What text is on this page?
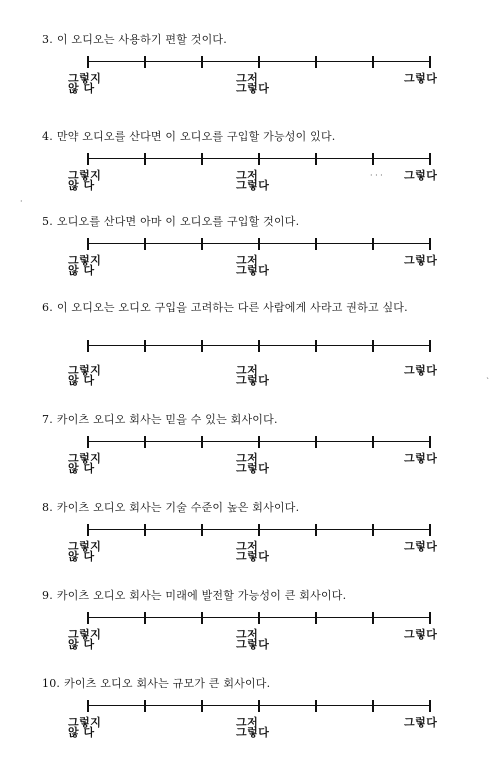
3. 이 오디오는 사용하기 편할 것이다.
그렇지
않 다
그저
그렇다
그렇다
4. 만약 오디오를 산다면 이 오디오를 구입할 가능성이 있다.
그렇지
않 다
그저
그렇다
그렇다
5. 오디오를 산다면 아마 이 오디오를 구입할 것이다.
그렇지
않 다
그저
그렇다
그렇다
6. 이 오디오는 오디오 구입을 고려하는 다른 사람에게 사라고 권하고 싶다.
그렇지
않 다
그저
그렇다
그렇다
7. 카이츠 오디오 회사는 믿을 수 있는 회사이다.
그렇지
않 다
그저
그렇다
그렇다
8. 카이츠 오디오 회사는 기술 수준이 높은 회사이다.
그렇지
않 다
그저
그렇다
그렇다
9. 카이츠 오디오 회사는 미래에 발전할 가능성이 큰 회사이다.
그렇지
않 다
그저
그렇다
그렇다
10. 카이츠 오디오 회사는 규모가 큰 회사이다.
그렇지
않 다
그저
그렇다
그렇다
·
· · ·
ˋ
